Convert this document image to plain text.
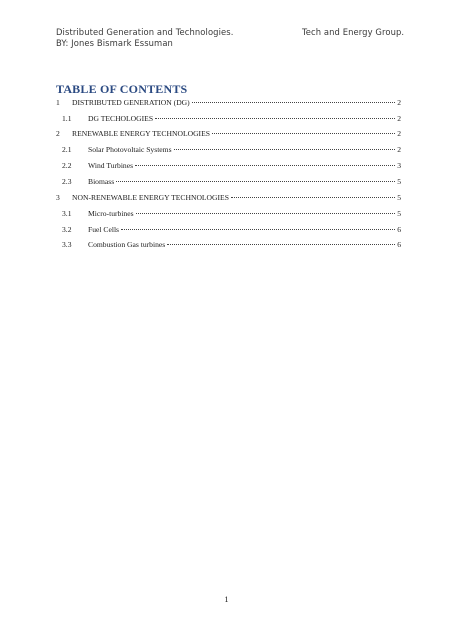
Distributed Generation and Technologies.
BY: Jones Bismark Essuman
Tech and Energy Group.
TABLE OF CONTENTS
1	DISTRIBUTED GENERATION (DG)	2
1.1	DG TECHOLOGIES	2
2	RENEWABLE ENERGY TECHNOLOGIES	2
2.1	Solar Photovoltaic Systems	2
2.2	Wind Turbines	3
2.3	Biomass	5
3	NON-RENEWABLE ENERGY TECHNOLOGIES	5
3.1	Micro-turbines	5
3.2	Fuel Cells	6
3.3	Combustion Gas turbines	6
1
